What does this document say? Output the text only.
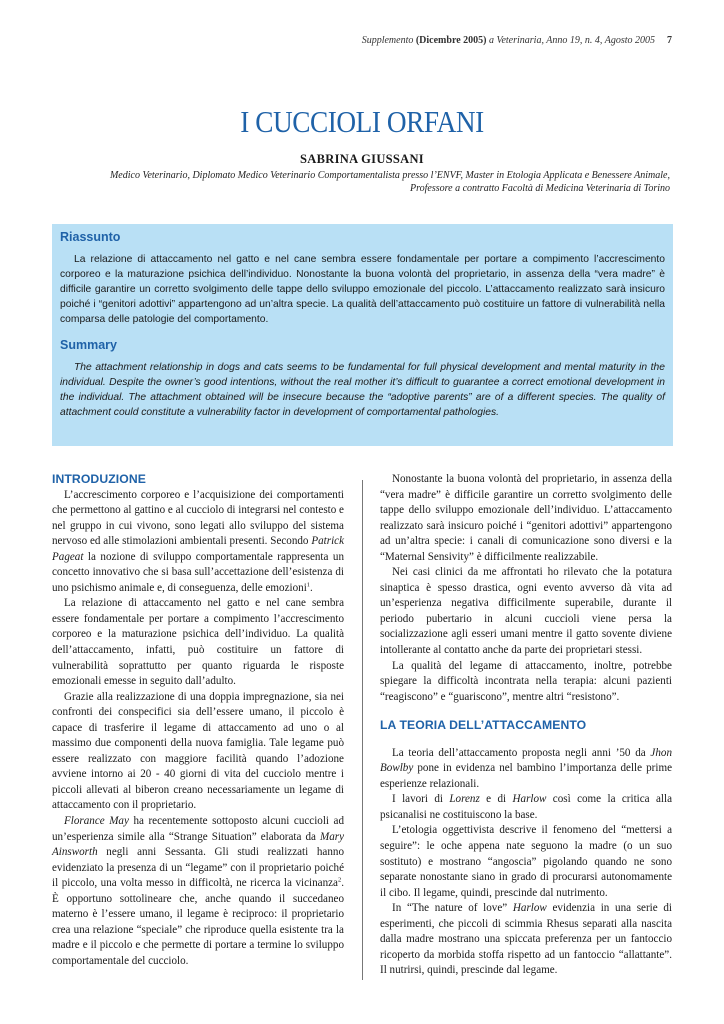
Supplemento (Dicembre 2005) a Veterinaria, Anno 19, n. 4, Agosto 2005 7
I CUCCIOLI ORFANI
SABRINA GIUSSANI
Medico Veterinario, Diplomato Medico Veterinario Comportamentalista presso l’ENVF, Master in Etologia Applicata e Benessere Animale,
Professore a contratto Facoltà di Medicina Veterinaria di Torino
Riassunto

La relazione di attaccamento nel gatto e nel cane sembra essere fondamentale per portare a compimento l’accrescimento corporeo e la maturazione psichica dell’individuo. Nonostante la buona volontà del proprietario, in assenza della “vera madre” è difficile garantire un corretto svolgimento delle tappe dello sviluppo emozionale del piccolo. L’attaccamento realizzato sarà insicuro poiché i “genitori adottivi” appartengono ad un’altra specie. La qualità dell’attaccamento può costituire un fattore di vulnerabilità nella comparsa delle patologie del comportamento.

Summary

The attachment relationship in dogs and cats seems to be fundamental for full physical development and mental maturity in the individual. Despite the owner’s good intentions, without the real mother it’s difficult to guarantee a correct emotional development in the individual. The attachment obtained will be insecure because the “adoptive parents” are of a different species. The quality of attachment could constitute a vulnerability factor in development of comportamental pathologies.

INTRODUZIONE

L’accrescimento corporeo e l’acquisizione dei comportamenti che permettono al gattino e al cucciolo di integrarsi nel contesto e nel gruppo in cui vivono, sono legati allo sviluppo del sistema nervoso ed alle stimolazioni ambientali presenti. Secondo Patrick Pageat la nozione di sviluppo comportamentale rappresenta un concetto innovativo che si basa sull’accettazione dell’esistenza di uno psichismo animale e, di conseguenza, delle emozioni$^1$.

La relazione di attaccamento nel gatto e nel cane sembra essere fondamentale per portare a compimento l’accrescimento corporeo e la maturazione psichica dell’individuo. La qualità dell’attaccamento, infatti, può costituire un fattore di vulnerabilità soprattutto per quanto riguarda le risposte emozionali emesse in seguito dall’adulto.

Grazie alla realizzazione di una doppia impregnazione, sia nei confronti dei conspecifici sia dell’essere umano, il piccolo è capace di trasferire il legame di attaccamento ad uno o al massimo due componenti della nuova famiglia. Tale legame può essere realizzato con maggiore facilità quando l’adozione avviene intorno ai 20 - 40 giorni di vita del cucciolo mentre i piccoli allevati al biberon creano necessariamente un legame di attaccamento con il proprietario.

Florance May ha recentemente sottoposto alcuni cuccioli ad un’esperienza simile alla “Strange Situation” elaborata da Mary Ainsworth negli anni Sessanta. Gli studi realizzati hanno evidenziato la presenza di un “legame” con il proprietario poiché il piccolo, una volta messo in difficoltà, ne ricerca la vicinanza$^2$. È opportuno sottolineare che, anche quando il succedaneo materno è l’essere umano, il legame è reciproco: il proprietario crea una relazione “speciale” che riproduce quella esistente tra la madre e il piccolo e che permette di portare a termine lo sviluppo comportamentale del cucciolo.

Nonostante la buona volontà del proprietario, in assenza della “vera madre” è difficile garantire un corretto svolgimento delle tappe dello sviluppo emozionale dell’individuo. L’attaccamento realizzato sarà insicuro poiché i “genitori adottivi” appartengono ad un’altra specie: i canali di comunicazione sono diversi e la “Maternal Sensivity” è difficilmente realizzabile.

Nei casi clinici da me affrontati ho rilevato che la potatura sinaptica è spesso drastica, ogni evento avverso dà vita ad un’esperienza negativa difficilmente superabile, durante il periodo pubertario in alcuni cuccioli viene persa la socializzazione agli esseri umani mentre il gatto sovente diviene intollerante al contatto anche da parte dei proprietari stessi.

La qualità del legame di attaccamento, inoltre, potrebbe spiegare la difficoltà incontrata nella terapia: alcuni pazienti “reagiscono” e “guariscono”, mentre altri “resistono”.

LA TEORIA DELL’ATTACCAMENTO

La teoria dell’attaccamento proposta negli anni ’50 da Jhon Bowlby pone in evidenza nel bambino l’importanza delle prime esperienze relazionali.

I lavori di Lorenz e di Harlow così come la critica alla psicanalisi ne costituiscono la base.

L’etologia oggettivista descrive il fenomeno del “mettersi a seguire”: le oche appena nate seguono la madre (o un suo sostituto) e mostrano “angoscia” pigolando quando ne sono separate nonostante siano in grado di procurarsi autonomamente il cibo. Il legame, quindi, prescinde dal nutrimento.

In “The nature of love” Harlow evidenzia in una serie di esperimenti, che piccoli di scimmia Rhesus separati alla nascita dalla madre mostrano una spiccata preferenza per un fantoccio ricoperto da morbida stoffa rispetto ad un fantoccio “allattante”. Il nutrirsi, quindi, prescinde dal legame.
